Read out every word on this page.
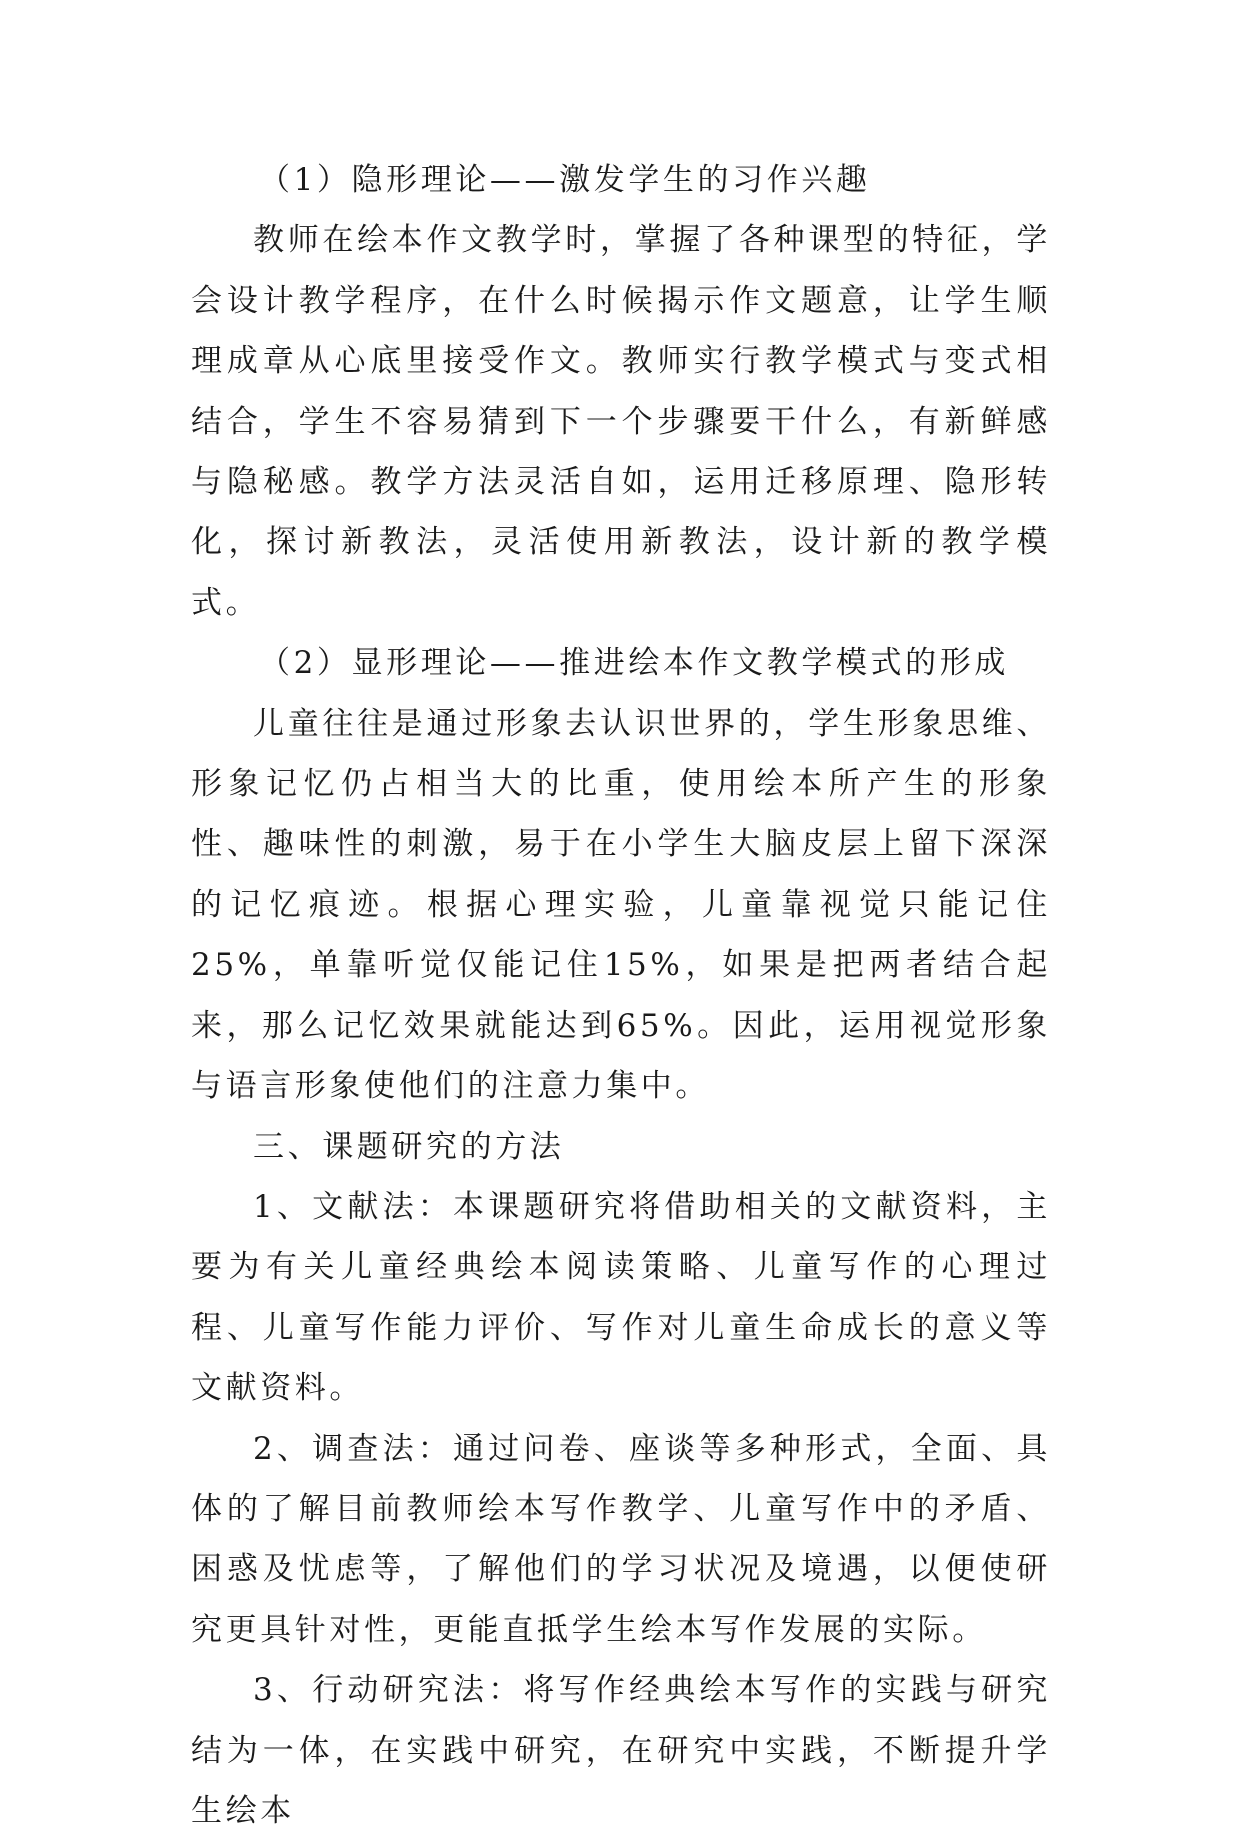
（1）隐形理论——激发学生的习作兴趣

教师在绘本作文教学时，掌握了各种课型的特征，学会设计教学程序，在什么时候揭示作文题意，让学生顺理成章从心底里接受作文。教师实行教学模式与变式相结合，学生不容易猜到下一个步骤要干什么，有新鲜感与隐秘感。教学方法灵活自如，运用迁移原理、隐形转化，探讨新教法，灵活使用新教法，设计新的教学模式。

（2）显形理论——推进绘本作文教学模式的形成

儿童往往是通过形象去认识世界的，学生形象思维、形象记忆仍占相当大的比重，使用绘本所产生的形象性、趣味性的刺激，易于在小学生大脑皮层上留下深深的记忆痕迹。根据心理实验，儿童靠视觉只能记住25%，单靠听觉仅能记住15%，如果是把两者结合起来，那么记忆效果就能达到65%。因此，运用视觉形象与语言形象使他们的注意力集中。

三、课题研究的方法

1、文献法：本课题研究将借助相关的文献资料，主要为有关儿童经典绘本阅读策略、儿童写作的心理过程、儿童写作能力评价、写作对儿童生命成长的意义等文献资料。

2、调查法：通过问卷、座谈等多种形式，全面、具体的了解目前教师绘本写作教学、儿童写作中的矛盾、困惑及忧虑等，了解他们的学习状况及境遇，以便使研究更具针对性，更能直抵学生绘本写作发展的实际。

3、行动研究法：将写作经典绘本写作的实践与研究结为一体，在实践中研究，在研究中实践，不断提升学生绘本
